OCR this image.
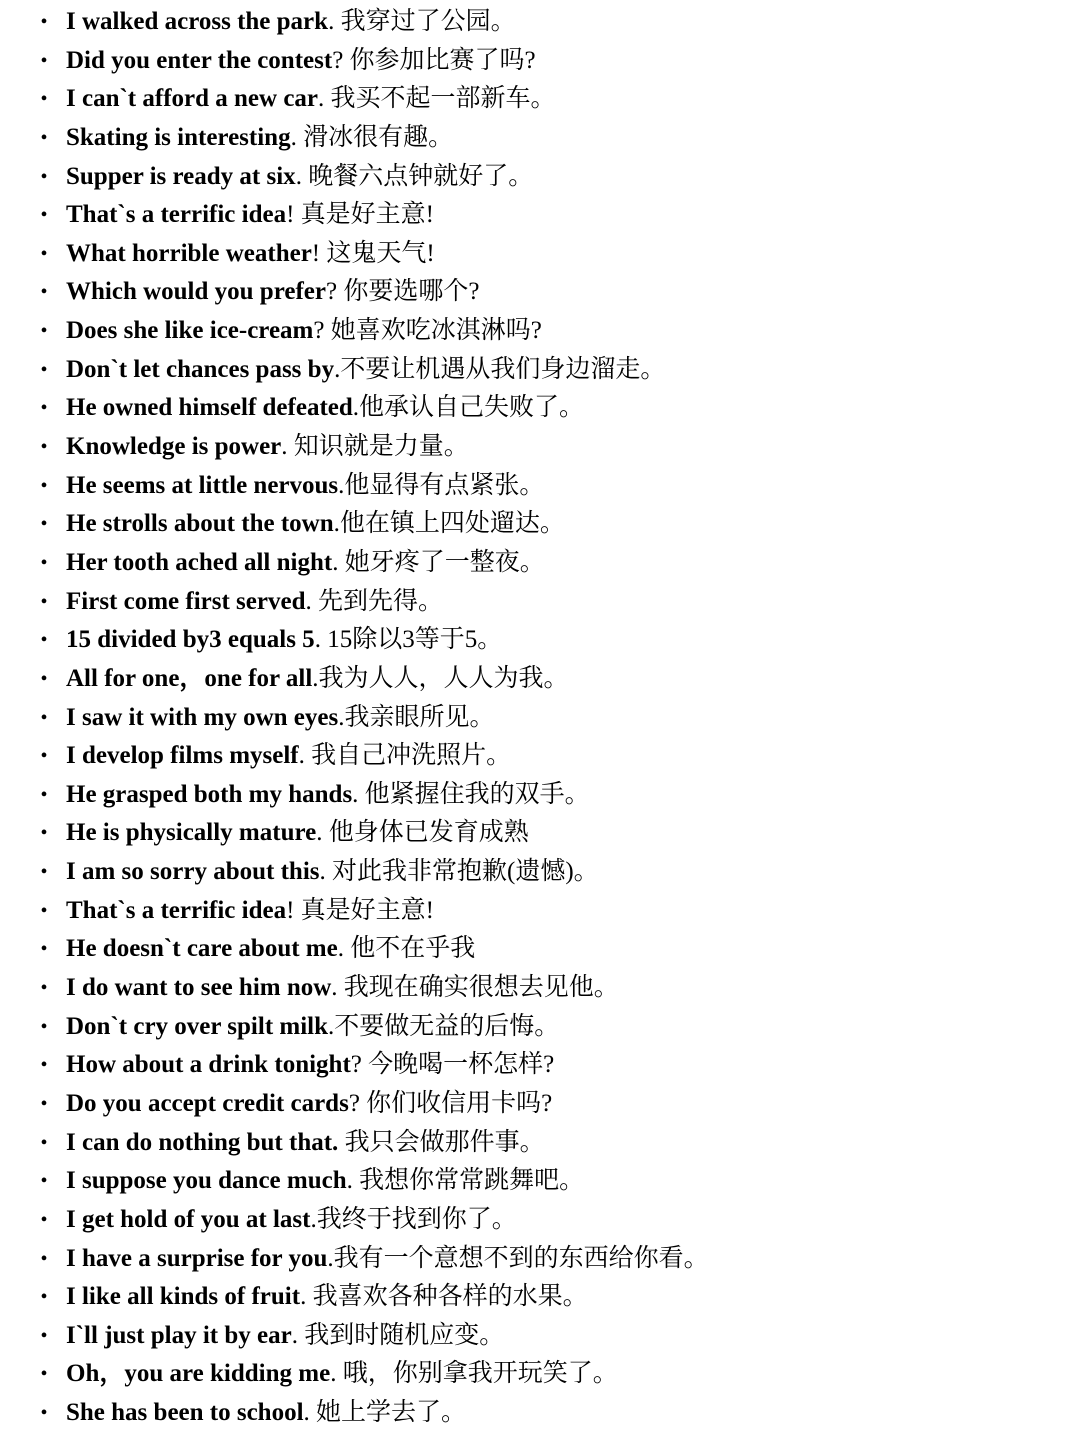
• I walked across the park. 我穿过了公园。
• Did you enter the contest? 你参加比赛了吗?
• I can`t afford a new car. 我买不起一部新车。
• Skating is interesting. 滑冰很有趣。
• Supper is ready at six. 晚餐六点钟就好了。
• That`s a terrific idea! 真是好主意!
• What horrible weather! 这鬼天气!
• Which would you prefer? 你要选哪个?
• Does she like ice-cream? 她喜欢吃冰淇淋吗?
• Don`t let chances pass by.不要让机遇从我们身边溜走。
• He owned himself defeated.他承认自己失败了。
• Knowledge is power. 知识就是力量。
• He seems at little nervous.他显得有点紧张。
• He strolls about the town.他在镇上四处遛达。
• Her tooth ached all night. 她牙疼了一整夜。
• First come first served. 先到先得。
• 15 divided by3 equals 5. 15除以3等于5。
• All for one，one for all.我为人人，人人为我。
• I saw it with my own eyes.我亲眼所见。
• I develop films myself. 我自己冲洗照片。
• He grasped both my hands. 他紧握住我的双手。
• He is physically mature. 他身体已发育成熟
• I am so sorry about this. 对此我非常抱歉(遗憾)。
• That`s a terrific idea! 真是好主意!
• He doesn`t care about me. 他不在乎我
• I do want to see him now. 我现在确实很想去见他。
• Don`t cry over spilt milk.不要做无益的后悔。
• How about a drink tonight? 今晚喝一杯怎样?
• Do you accept credit cards? 你们收信用卡吗?
• I can do nothing but that. 我只会做那件事。
• I suppose you dance much. 我想你常常跳舞吧。
• I get hold of you at last.我终于找到你了。
• I have a surprise for you.我有一个意想不到的东西给你看。
• I like all kinds of fruit. 我喜欢各种各样的水果。
• I`ll just play it by ear. 我到时随机应变。
• Oh，you are kidding me. 哦，你别拿我开玩笑了。
• She has been to school. 她上学去了。
